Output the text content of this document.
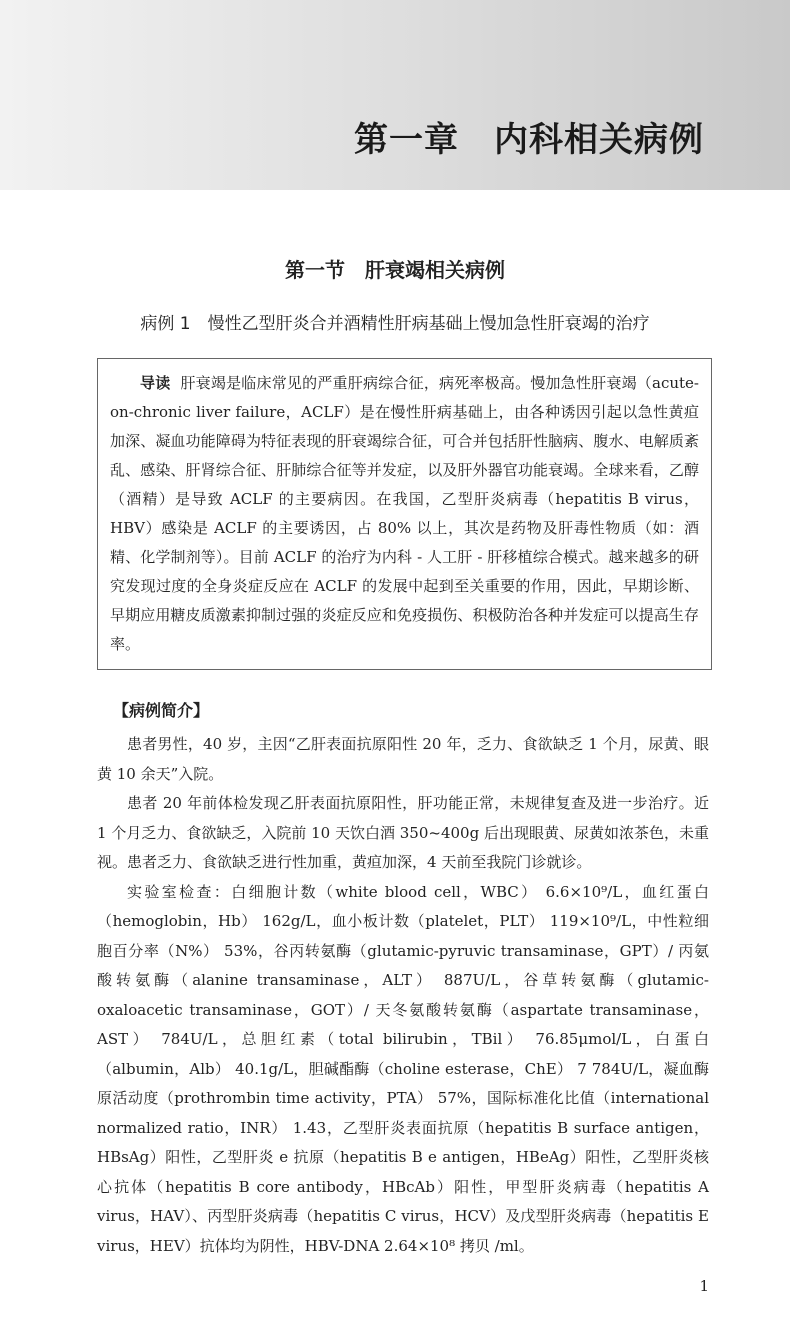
第一章　内科相关病例
第一节　肝衰竭相关病例
病例 1　慢性乙型肝炎合并酒精性肝病基础上慢加急性肝衰竭的治疗
导读 肝衰竭是临床常见的严重肝病综合征，病死率极高。慢加急性肝衰竭（acute-on-chronic liver failure，ACLF）是在慢性肝病基础上，由各种诱因引起以急性黄疸加深、凝血功能障碍为特征表现的肝衰竭综合征，可合并包括肝性脑病、腹水、电解质紊乱、感染、肝肾综合征、肝肺综合征等并发症，以及肝外器官功能衰竭。全球来看，乙醇（酒精）是导致 ACLF 的主要病因。在我国，乙型肝炎病毒（hepatitis B virus，HBV）感染是 ACLF 的主要诱因，占 80% 以上，其次是药物及肝毒性物质（如：酒精、化学制剂等）。目前 ACLF 的治疗为内科 - 人工肝 - 肝移植综合模式。越来越多的研究发现过度的全身炎症反应在 ACLF 的发展中起到至关重要的作用，因此，早期诊断、早期应用糖皮质激素抑制过强的炎症反应和免疫损伤、积极防治各种并发症可以提高生存率。
【病例简介】

患者男性，40 岁，主因“乙肝表面抗原阳性 20 年，乏力、食欲缺乏 1 个月，尿黄、眼黄 10 余天”入院。

患者 20 年前体检发现乙肝表面抗原阳性，肝功能正常，未规律复查及进一步治疗。近 1 个月乏力、食欲缺乏，入院前 10 天饮白酒 350~400g 后出现眼黄、尿黄如浓茶色，未重视。患者乏力、食欲缺乏进行性加重，黄疸加深，4 天前至我院门诊就诊。

实验室检查：白细胞计数（white blood cell，WBC） 6.6×10⁹/L，血红蛋白（hemoglobin，Hb） 162g/L，血小板计数（platelet，PLT） 119×10⁹/L，中性粒细胞百分率（N%） 53%，谷丙转氨酶（glutamic-pyruvic transaminase，GPT）/ 丙氨酸转氨酶（alanine transaminase，ALT） 887U/L，谷草转氨酶（glutamic-oxaloacetic transaminase，GOT）/ 天冬氨酸转氨酶（aspartate transaminase，AST） 784U/L，总胆红素（total bilirubin，TBil） 76.85μmol/L，白蛋白（albumin，Alb） 40.1g/L，胆碱酯酶（choline esterase，ChE） 7 784U/L，凝血酶原活动度（prothrombin time activity，PTA） 57%，国际标准化比值（international normalized ratio，INR） 1.43，乙型肝炎表面抗原（hepatitis B surface antigen，HBsAg）阳性，乙型肝炎 e 抗原（hepatitis B e antigen，HBeAg）阳性，乙型肝炎核心抗体（hepatitis B core antibody，HBcAb）阳性，甲型肝炎病毒（hepatitis A virus，HAV）、丙型肝炎病毒（hepatitis C virus，HCV）及戊型肝炎病毒（hepatitis E virus，HEV）抗体均为阴性，HBV-DNA 2.64×10⁸ 拷贝 /ml。

1
